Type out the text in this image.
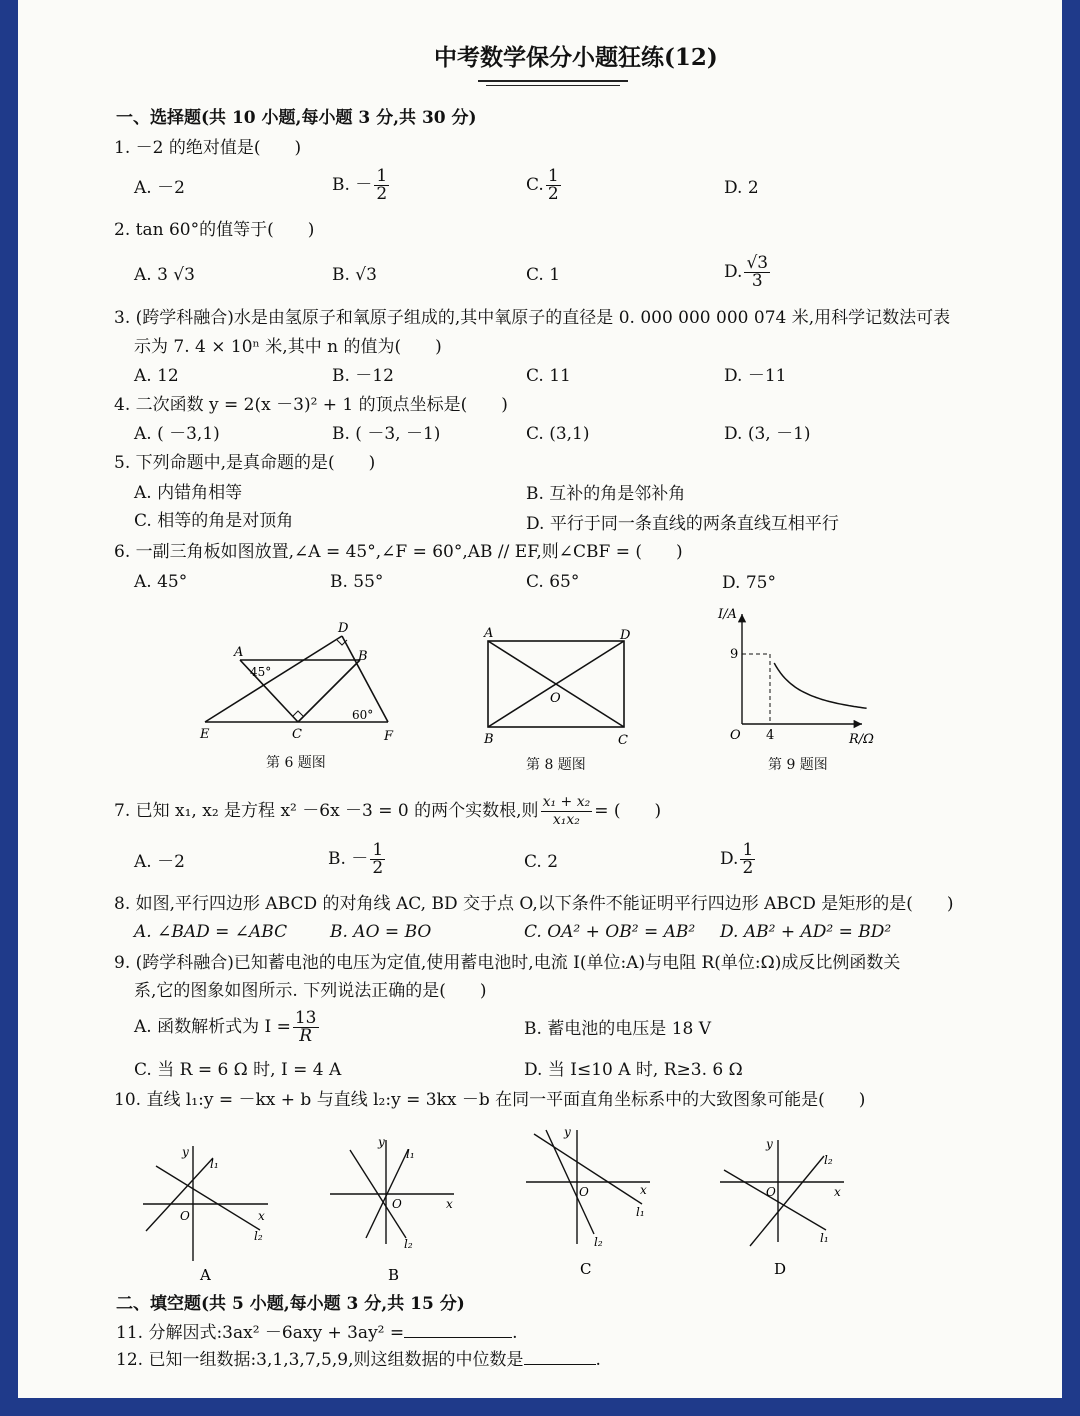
中考数学保分小题狂练(12)
一、选择题(共 10 小题,每小题 3 分,共 30 分)
1. －2 的绝对值是(　　)
A. －2	B. － $\frac{1}{2}$	C. $\frac{1}{2}$	D. 2
2. tan 60°的值等于(　　)
A. 3 √3	B. √3	C. 1	D. $\frac{√3}{3}$
3. (跨学科融合)水是由氢原子和氧原子组成的,其中氧原子的直径是 0. 000 000 000 074 米,用科学记数法可表
示为 7. 4 × 10ⁿ 米,其中 n 的值为(　　)
A. 12	B. －12	C. 11	D. －11
4. 二次函数 y = 2(x －3)² + 1 的顶点坐标是(　　)
A. ( －3,1)	B. ( －3, －1)	C. (3,1)	D. (3, －1)
5. 下列命题中,是真命题的是(　　)
A. 内错角相等	B. 互补的角是邻补角
C. 相等的角是对顶角	D. 平行于同一条直线的两条直线互相平行
6. 一副三角板如图放置,∠A = 45°,∠F = 60°,AB // EF,则∠CBF = (　　)
A. 45°	B. 55°	C. 65°	D. 75°
A	B
C
D
E	F
45°
60°
第 6 题图
A	D
B	C
O
第 8 题图
I/A
R/Ω
O
9
4
第 9 题图
7. 已知 x₁, x₂ 是方程 x² －6x －3 = 0 的两个实数根,则 $\frac{\text{x₁ + x₂}}{\text{x₁x₂}}$ = (　　)
A. －2	B. － $\frac{1}{2}$	C. 2	D. $\frac{1}{2}$
8. 如图,平行四边形 ABCD 的对角线 AC, BD 交于点 O,以下条件不能证明平行四边形 ABCD 是矩形的是(　　)
A. ∠BAD = ∠ABC	B. AO = BO	C. OA² + OB² = AB² D. AB² + AD² = BD²
9. (跨学科融合)已知蓄电池的电压为定值,使用蓄电池时,电流 I(单位:A)与电阻 R(单位:Ω)成反比例函数关
系,它的图象如图所示. 下列说法正确的是(　　)
A. 函数解析式为 $I = \frac{13}{R}$	B. 蓄电池的电压是 18 V
C. 当 R = 6 Ω 时, I = 4 A	D. 当 I≤10 A 时, R≥3. 6 Ω
10. 直线 l₁:y = －kx + b 与直线 l₂:y = 3kx －b 在同一平面直角坐标系中的大致图象可能是(　　)
y
x
O
l₁
l₂
A
y
x
O
l₁
l₂
B
y
x
O
l₁
l₂
C
y
x
O
l₁
l₂
D
二、填空题(共 5 小题,每小题 3 分,共 15 分)
11. 分解因式:3ax² －6axy + 3ay² =	.
12. 已知一组数据:3,1,3,7,5,9,则这组数据的中位数是	.
